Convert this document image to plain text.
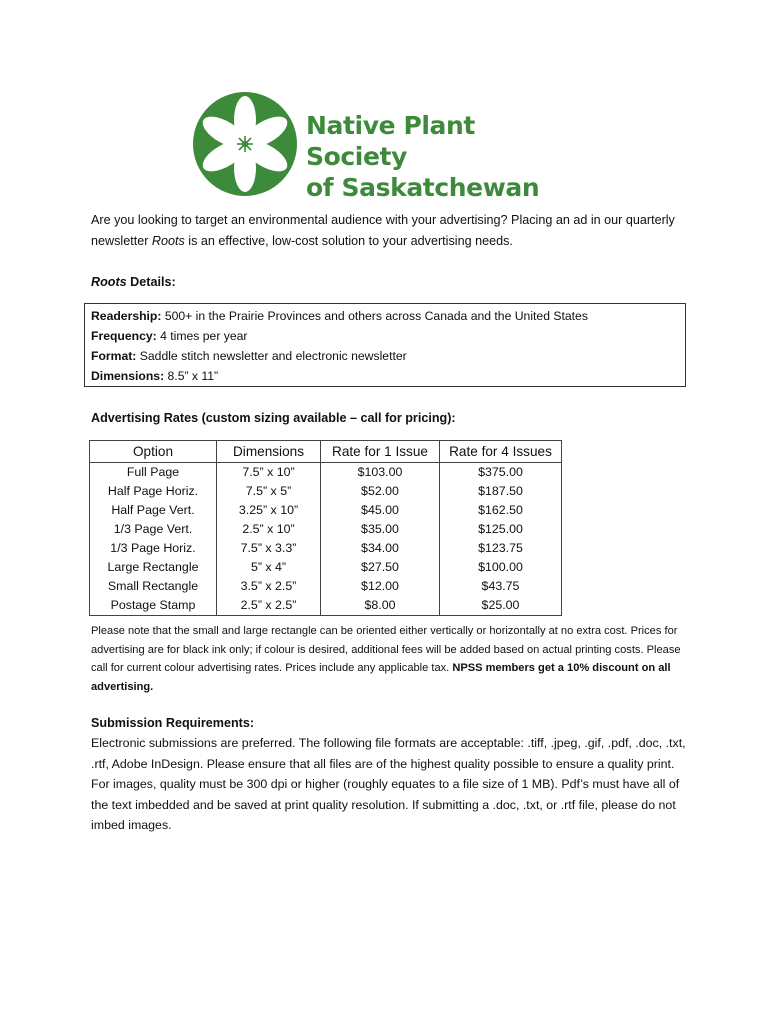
Native Plant Society
of Saskatchewan
Are you looking to target an environmental audience with your advertising? Placing an ad in our quarterly newsletter Roots is an effective, low-cost solution to your advertising needs.
Roots Details:
Readership: 500+ in the Prairie Provinces and others across Canada and the United States
Frequency: 4 times per year
Format: Saddle stitch newsletter and electronic newsletter
Dimensions: 8.5” x 11”
Advertising Rates (custom sizing available – call for pricing):
Option	Dimensions	Rate for 1 Issue	Rate for 4 Issues
Full Page	7.5” x 10”	$103.00	$375.00
Half Page Horiz.	7.5” x 5”	$52.00	$187.50
Half Page Vert.	3.25” x 10”	$45.00	$162.50
1/3 Page Vert.	2.5” x 10”	$35.00	$125.00
1/3 Page Horiz.	7.5” x 3.3”	$34.00	$123.75
Large Rectangle	5” x 4”	$27.50	$100.00
Small Rectangle	3.5” x 2.5”	$12.00	$43.75
Postage Stamp	2.5” x 2.5”	$8.00	$25.00
Please note that the small and large rectangle can be oriented either vertically or horizontally at no extra cost. Prices for advertising are for black ink only; if colour is desired, additional fees will be added based on actual printing costs. Please call for current colour advertising rates. Prices include any applicable tax. NPSS members get a 10% discount on all advertising.
Submission Requirements:
Electronic submissions are preferred. The following file formats are acceptable: .tiff, .jpeg, .gif, .pdf, .doc, .txt, .rtf, Adobe InDesign. Please ensure that all files are of the highest quality possible to ensure a quality print. For images, quality must be 300 dpi or higher (roughly equates to a file size of 1 MB). Pdf’s must have all of the text imbedded and be saved at print quality resolution. If submitting a .doc, .txt, or .rtf file, please do not imbed images.
